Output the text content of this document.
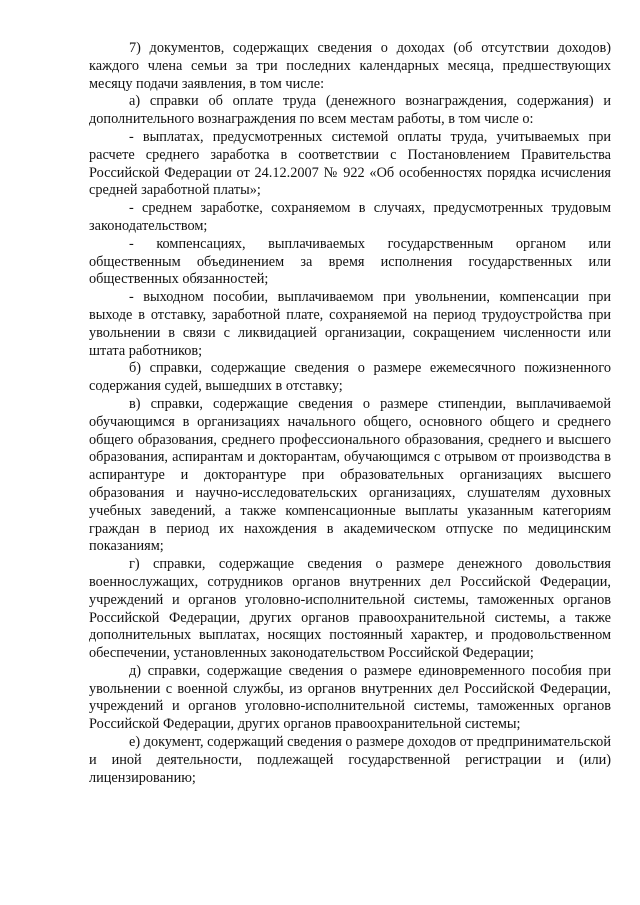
7) документов, содержащих сведения о доходах (об отсутствии доходов) каждого члена семьи за три последних календарных месяца, предшествующих месяцу подачи заявления, в том числе:

а) справки об оплате труда (денежного вознаграждения, содержания) и дополнительного вознаграждения по всем местам работы, в том числе о:

- выплатах, предусмотренных системой оплаты труда, учитываемых при расчете среднего заработка в соответствии с Постановлением Правительства Российской Федерации от 24.12.2007 № 922 «Об особенностях порядка исчисления средней заработной платы»;

- среднем заработке, сохраняемом в случаях, предусмотренных трудовым законодательством;

- компенсациях, выплачиваемых государственным органом или общественным объединением за время исполнения государственных или общественных обязанностей;

- выходном пособии, выплачиваемом при увольнении, компенсации при выходе в отставку, заработной плате, сохраняемой на период трудоустройства при увольнении в связи с ликвидацией организации, сокращением численности или штата работников;

б) справки, содержащие сведения о размере ежемесячного пожизненного содержания судей, вышедших в отставку;

в) справки, содержащие сведения о размере стипендии, выплачиваемой обучающимся в организациях начального общего, основного общего и среднего общего образования, среднего профессионального образования, среднего и высшего образования, аспирантам и докторантам, обучающимся с отрывом от производства в аспирантуре и докторантуре при образовательных организациях высшего образования и научно-исследовательских организациях, слушателям духовных учебных заведений, а также компенсационные выплаты указанным категориям граждан в период их нахождения в академическом отпуске по медицинским показаниям;

г) справки, содержащие сведения о размере денежного довольствия военнослужащих, сотрудников органов внутренних дел Российской Федерации, учреждений и органов уголовно-исполнительной системы, таможенных органов Российской Федерации, других органов правоохранительной системы, а также дополнительных выплатах, носящих постоянный характер, и продовольственном обеспечении, установленных законодательством Российской Федерации;

д) справки, содержащие сведения о размере единовременного пособия при увольнении с военной службы, из органов внутренних дел Российской Федерации, учреждений и органов уголовно-исполнительной системы, таможенных органов Российской Федерации, других органов правоохранительной системы;

е) документ, содержащий сведения о размере доходов от предпринимательской и иной деятельности, подлежащей государственной регистрации и (или) лицензированию;
